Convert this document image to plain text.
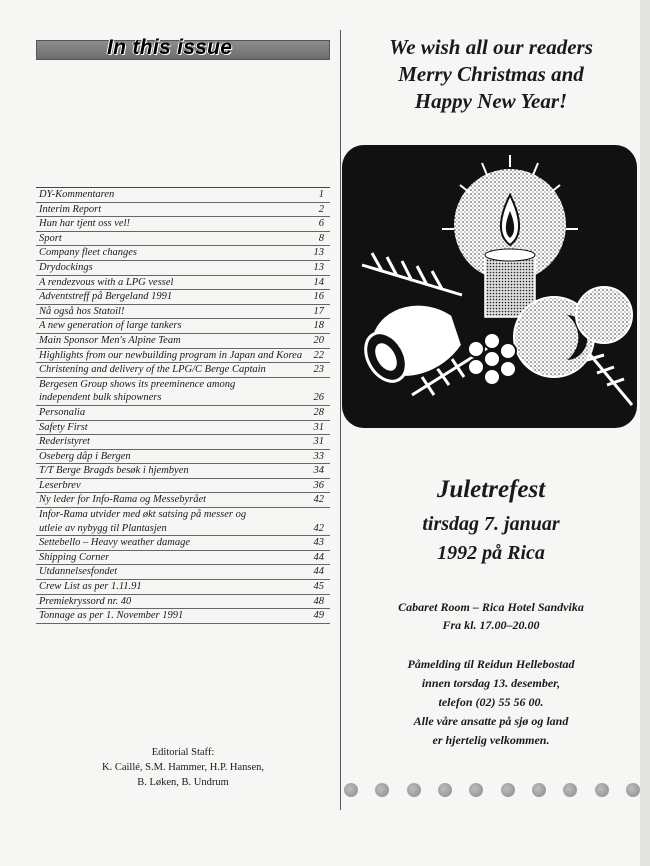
In this issue
DY-Kommentaren	1
Interim Report	2
Hun har tjent oss vel!	6
Sport	8
Company fleet changes	13
Drydockings	13
A rendezvous with a LPG vessel	14
Adventstreff på Bergeland 1991	16
Nå også hos Statoil!	17
A new generation of large tankers	18
Main Sponsor Men's Alpine Team	20
Highlights from our newbuilding program in Japan and Korea	22
Christening and delivery of the LPG/C Berge Captain	23
Bergesen Group shows its preeminence among
independent bulk shipowners	26
Personalia	28
Safety First	31
Rederistyret	31
Oseberg dåp i Bergen	33
T/T Berge Bragds besøk i hjembyen	34
Leserbrev	36
Ny leder for Info-Rama og Messebyrået	42
Infor-Rama utvider med økt satsing på messer og
utleie av nybygg til Plantasjen	42
Settebello – Heavy weather damage	43
Shipping Corner	44
Utdannelsesfondet	44
Crew List as per 1.11.91	45
Premiekryssord nr. 40	48
Tonnage as per 1. November 1991	49
Editorial Staff:
K. Caillé, S.M. Hammer, H.P. Hansen,
B. Løken, B. Undrum
We wish all our readers
Merry Christmas and
Happy New Year!
Juletrefest
tirsdag 7. januar
1992 på Rica
Cabaret Room – Rica Hotel Sandvika
Fra kl. 17.00–20.00
Påmelding til Reidun Hellebostad
innen torsdag 13. desember,
telefon (02) 55 56 00.
Alle våre ansatte på sjø og land
er hjertelig velkommen.
